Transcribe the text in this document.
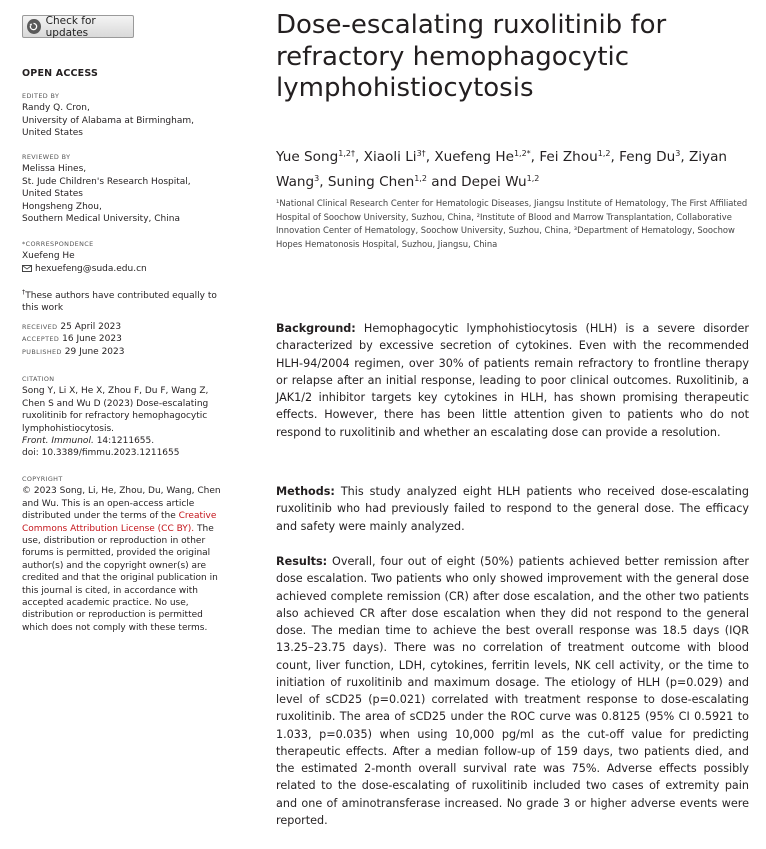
Check for updates
OPEN ACCESS
EDITED BY
Randy Q. Cron,
University of Alabama at Birmingham,
United States
REVIEWED BY
Melissa Hines,
St. Jude Children's Research Hospital,
United States
Hongsheng Zhou,
Southern Medical University, China
*CORRESPONDENCE
Xuefeng He
hexuefeng@suda.edu.cn
†These authors have contributed equally to this work
RECEIVED 25 April 2023
ACCEPTED 16 June 2023
PUBLISHED 29 June 2023
CITATION
Song Y, Li X, He X, Zhou F, Du F, Wang Z, Chen S and Wu D (2023) Dose-escalating ruxolitinib for refractory hemophagocytic lymphohistiocytosis.
Front. Immunol. 14:1211655.
doi: 10.3389/fimmu.2023.1211655
COPYRIGHT
© 2023 Song, Li, He, Zhou, Du, Wang, Chen and Wu. This is an open-access article distributed under the terms of the Creative Commons Attribution License (CC BY). The use, distribution or reproduction in other forums is permitted, provided the original author(s) and the copyright owner(s) are credited and that the original publication in this journal is cited, in accordance with accepted academic practice. No use, distribution or reproduction is permitted which does not comply with these terms.
Dose-escalating ruxolitinib for refractory hemophagocytic lymphohistiocytosis
Yue Song$^{1,2\dagger}$, Xiaoli $Li^{3\dagger}$, Xuefeng $He^{1,2*}$, Fei Zhou$^{1,2}$, Feng Du$^3$, Ziyan Wang$^3$, Suning Chen$^{1,2}$ and Depei Wu$^{1,2}$
¹National Clinical Research Center for Hematologic Diseases, Jiangsu Institute of Hematology, The First Affiliated Hospital of Soochow University, Suzhou, China, ²Institute of Blood and Marrow Transplantation, Collaborative Innovation Center of Hematology, Soochow University, Suzhou, China, ³Department of Hematology, Soochow Hopes Hematonosis Hospital, Suzhou, Jiangsu, China
Background: Hemophagocytic lymphohistiocytosis (HLH) is a severe disorder characterized by excessive secretion of cytokines. Even with the recommended HLH-94/2004 regimen, over 30% of patients remain refractory to frontline therapy or relapse after an initial response, leading to poor clinical outcomes. Ruxolitinib, a JAK1/2 inhibitor targets key cytokines in HLH, has shown promising therapeutic effects. However, there has been little attention given to patients who do not respond to ruxolitinib and whether an escalating dose can provide a resolution.
Methods: This study analyzed eight HLH patients who received dose-escalating ruxolitinib who had previously failed to respond to the general dose. The efficacy and safety were mainly analyzed.
Results: Overall, four out of eight (50%) patients achieved better remission after dose escalation. Two patients who only showed improvement with the general dose achieved complete remission (CR) after dose escalation, and the other two patients also achieved CR after dose escalation when they did not respond to the general dose. The median time to achieve the best overall response was 18.5 days (IQR 13.25–23.75 days). There was no correlation of treatment outcome with blood count, liver function, LDH, cytokines, ferritin levels, NK cell activity, or the time to initiation of ruxolitinib and maximum dosage. The etiology of HLH (p=0.029) and level of sCD25 (p=0.021) correlated with treatment response to dose-escalating ruxolitinib. The area of sCD25 under the ROC curve was 0.8125 (95% CI 0.5921 to 1.033, p=0.035) when using 10,000 pg/ml as the cut-off value for predicting therapeutic effects. After a median follow-up of 159 days, two patients died, and the estimated 2-month overall survival rate was 75%. Adverse effects possibly related to the dose-escalating of ruxolitinib included two cases of extremity pain and one of aminotransferase increased. No grade 3 or higher adverse events were reported.
